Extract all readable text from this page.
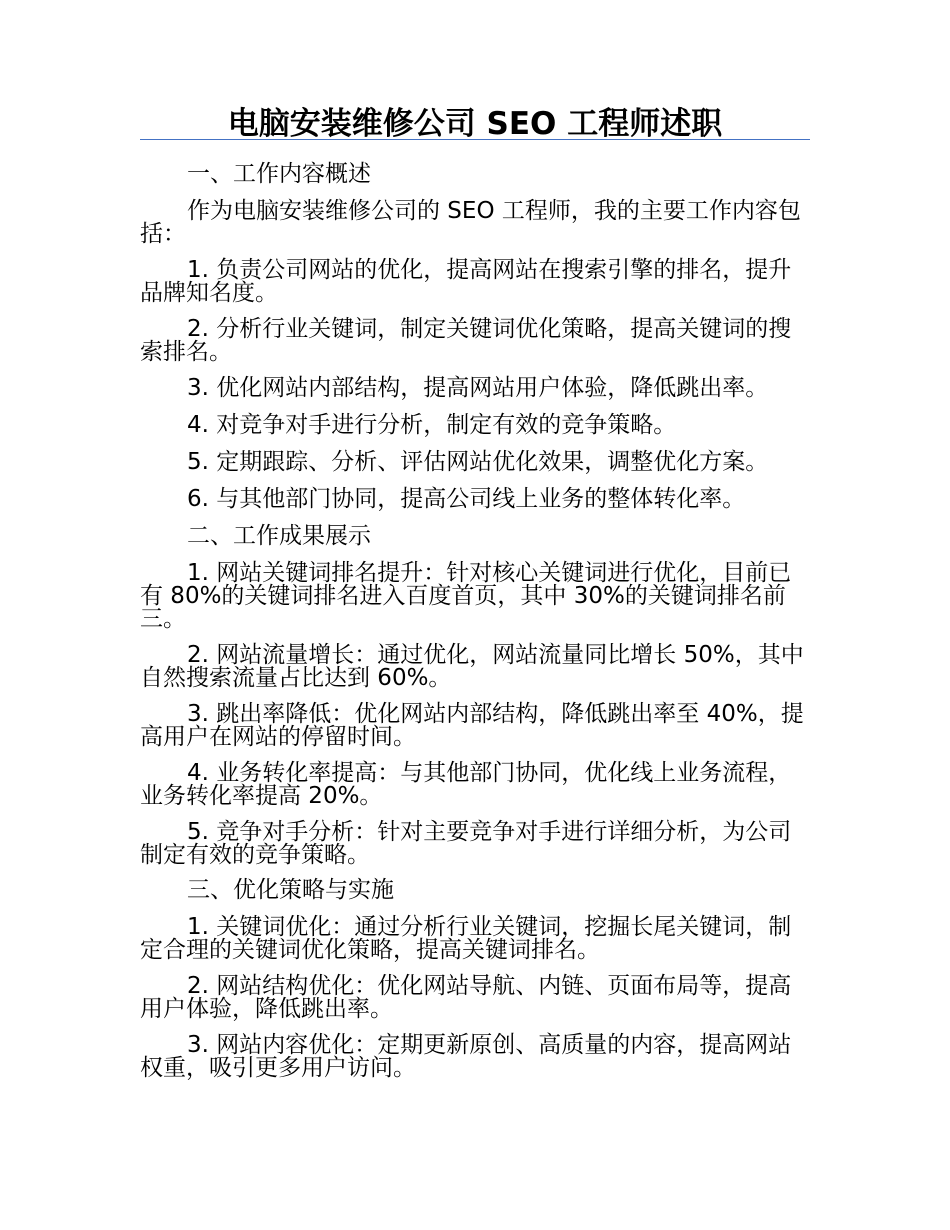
电脑安装维修公司 SEO 工程师述职
一、工作内容概述
作为电脑安装维修公司的 SEO 工程师，我的主要工作内容包括：
1. 负责公司网站的优化，提高网站在搜索引擎的排名，提升品牌知名度。
2. 分析行业关键词，制定关键词优化策略，提高关键词的搜索排名。
3. 优化网站内部结构，提高网站用户体验，降低跳出率。
4. 对竞争对手进行分析，制定有效的竞争策略。
5. 定期跟踪、分析、评估网站优化效果，调整优化方案。
6. 与其他部门协同，提高公司线上业务的整体转化率。
二、工作成果展示
1. 网站关键词排名提升：针对核心关键词进行优化，目前已有 80%的关键词排名进入百度首页，其中 30%的关键词排名前三。
2. 网站流量增长：通过优化，网站流量同比增长 50%，其中自然搜索流量占比达到 60%。
3. 跳出率降低：优化网站内部结构，降低跳出率至 40%，提高用户在网站的停留时间。
4. 业务转化率提高：与其他部门协同，优化线上业务流程，业务转化率提高 20%。
5. 竞争对手分析：针对主要竞争对手进行详细分析，为公司制定有效的竞争策略。
三、优化策略与实施
1. 关键词优化：通过分析行业关键词，挖掘长尾关键词，制定合理的关键词优化策略，提高关键词排名。
2. 网站结构优化：优化网站导航、内链、页面布局等，提高用户体验，降低跳出率。
3. 网站内容优化：定期更新原创、高质量的内容，提高网站权重，吸引更多用户访问。
